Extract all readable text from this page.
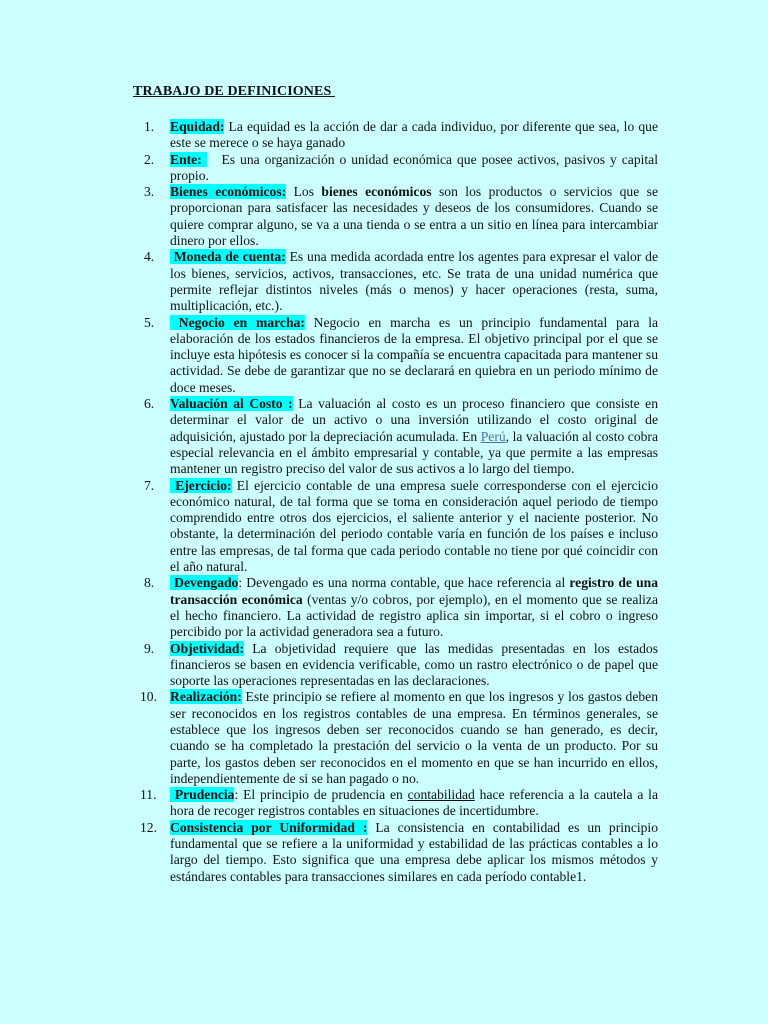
TRABAJO DE DEFINICIONES
1.	Equidad: La equidad es la acción de dar a cada individuo, por diferente que sea, lo que este se merece o se haya ganado
2.	Ente:    Es una organización o unidad económica que posee activos, pasivos y capital propio.
3.	Bienes económicos: Los bienes económicos son los productos o servicios que se proporcionan para satisfacer las necesidades y deseos de los consumidores. Cuando se quiere comprar alguno, se va a una tienda o se entra a un sitio en línea para intercambiar dinero por ellos.
4.	Moneda de cuenta: Es una medida acordada entre los agentes para expresar el valor de los bienes, servicios, activos, transacciones, etc. Se trata de una unidad numérica que permite reflejar distintos niveles (más o menos) y hacer operaciones (resta, suma, multiplicación, etc.).
5.	Negocio en marcha: Negocio en marcha es un principio fundamental para la elaboración de los estados financieros de la empresa. El objetivo principal por el que se incluye esta hipótesis es conocer si la compañía se encuentra capacitada para mantener su actividad. Se debe de garantizar que no se declarará en quiebra en un periodo mínimo de doce meses.
6.	Valuación al Costo : La valuación al costo es un proceso financiero que consiste en determinar el valor de un activo o una inversión utilizando el costo original de adquisición, ajustado por la depreciación acumulada. En Perú, la valuación al costo cobra especial relevancia en el ámbito empresarial y contable, ya que permite a las empresas mantener un registro preciso del valor de sus activos a lo largo del tiempo.
7.	Ejercicio: El ejercicio contable de una empresa suele corresponderse con el ejercicio económico natural, de tal forma que se toma en consideración aquel periodo de tiempo comprendido entre otros dos ejercicios, el saliente anterior y el naciente posterior. No obstante, la determinación del periodo contable varía en función de los países e incluso entre las empresas, de tal forma que cada periodo contable no tiene por qué coincidir con el año natural.
8.	Devengado: Devengado es una norma contable, que hace referencia al registro de una transacción económica (ventas y/o cobros, por ejemplo), en el momento que se realiza el hecho financiero. La actividad de registro aplica sin importar, si el cobro o ingreso percibido por la actividad generadora sea a futuro.
9.	Objetividad: La objetividad requiere que las medidas presentadas en los estados financieros se basen en evidencia verificable, como un rastro electrónico o de papel que soporte las operaciones representadas en las declaraciones.
10. Realización: Este principio se refiere al momento en que los ingresos y los gastos deben ser reconocidos en los registros contables de una empresa. En términos generales, se establece que los ingresos deben ser reconocidos cuando se han generado, es decir, cuando se ha completado la prestación del servicio o la venta de un producto. Por su parte, los gastos deben ser reconocidos en el momento en que se han incurrido en ellos, independientemente de si se han pagado o no.
11. Prudencia: El principio de prudencia en contabilidad hace referencia a la cautela a la hora de recoger registros contables en situaciones de incertidumbre.
12. Consistencia por Uniformidad : La consistencia en contabilidad es un principio fundamental que se refiere a la uniformidad y estabilidad de las prácticas contables a lo largo del tiempo. Esto significa que una empresa debe aplicar los mismos métodos y estándares contables para transacciones similares en cada período contable1.
